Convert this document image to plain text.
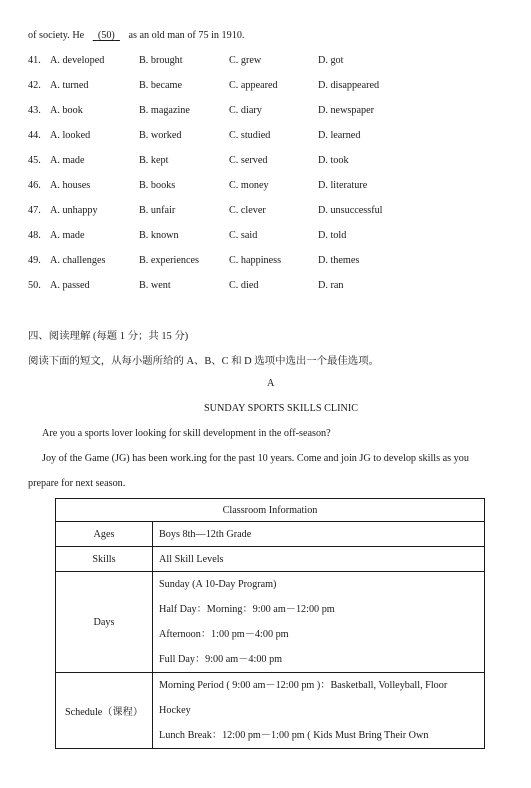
of society. He (50) as an old man of 75 in 1910.
41. A. developed	B. brought	C. grew	D. got
42. A. turned	B. became	C. appeared	D. disappeared
43. A. book	B. magazine	C. diary	D. newspaper
44. A. looked	B. worked	C. studied	D. learned
45. A. made	B. kept	C. served	D. took
46. A. houses	B. books	C. money	D. literature
47. A. unhappy	B. unfair	C. clever	D. unsuccessful
48. A. made	B. known	C. said	D. told
49. A. challenges	B. experiences	C. happiness	D. themes
50. A. passed	B. went	C. died	D. ran
四、阅读理解 (每题 1 分；共 15 分)
阅读下面的短文，从每小题所给的 A、B、C 和 D 选项中选出一个最佳选项。
A
SUNDAY SPORTS SKILLS CLINIC
Are you a sports lover looking for skill development in the off-season?
Joy of the Game (JG) has been work.ing for the past 10 years. Come and join JG to develop skills as you
prepare for next season.
Classroom Information	
Ages	Boys 8th—12th Grade
Skills	All Skill Levels
Days	Sunday (A 10-Day Program)
Half Day：Morning：9:00 am－12:00 pm
Afternoon：1:00 pm－4:00 pm
Full Day：9:00 am－4:00 pm

Schedule（课程）	Morning Period ( 9:00 am－12:00 pm )：Basketball, Volleyball, Floor
Hockey
Lunch Break：12:00 pm－1:00 pm ( Kids Must Bring Their Own
